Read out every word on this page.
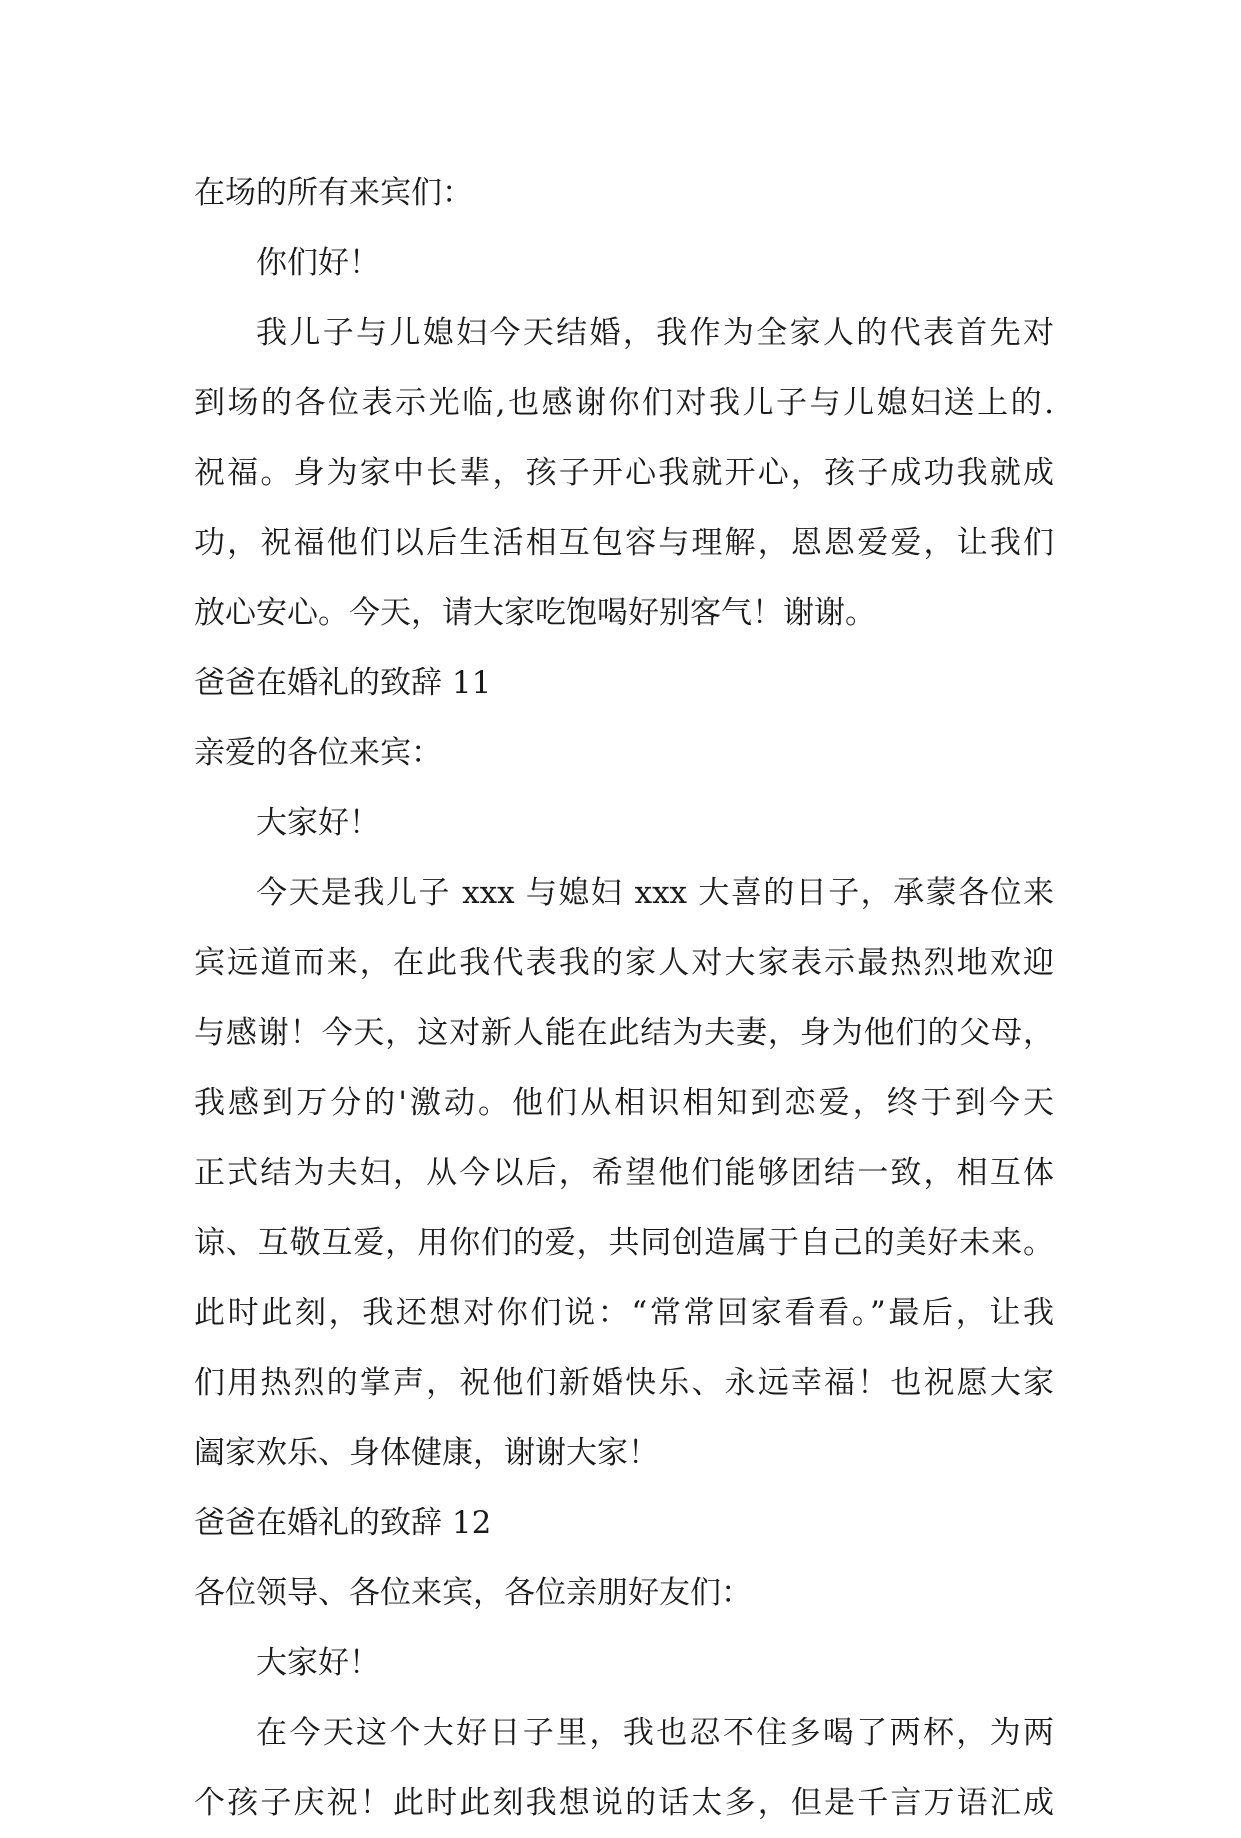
在场的所有来宾们：
你们好！
我儿子与儿媳妇今天结婚，我作为全家人的代表首先对
到场的各位表示光临,也感谢你们对我儿子与儿媳妇送上的.
祝福。身为家中长辈，孩子开心我就开心，孩子成功我就成
功，祝福他们以后生活相互包容与理解，恩恩爱爱，让我们
放心安心。今天，请大家吃饱喝好别客气！谢谢。
爸爸在婚礼的致辞 11
亲爱的各位来宾：
大家好！
今天是我儿子 xxx 与媳妇 xxx 大喜的日子，承蒙各位来
宾远道而来，在此我代表我的家人对大家表示最热烈地欢迎
与感谢！今天，这对新人能在此结为夫妻，身为他们的父母，
我感到万分的'激动。他们从相识相知到恋爱，终于到今天
正式结为夫妇，从今以后，希望他们能够团结一致，相互体
谅、互敬互爱，用你们的爱，共同创造属于自己的美好未来。
此时此刻，我还想对你们说：“常常回家看看。”最后，让我
们用热烈的掌声，祝他们新婚快乐、永远幸福！也祝愿大家
阖家欢乐、身体健康，谢谢大家！
爸爸在婚礼的致辞 12
各位领导、各位来宾，各位亲朋好友们：
大家好！
在今天这个大好日子里，我也忍不住多喝了两杯，为两
个孩子庆祝！此时此刻我想说的话太多，但是千言万语汇成
